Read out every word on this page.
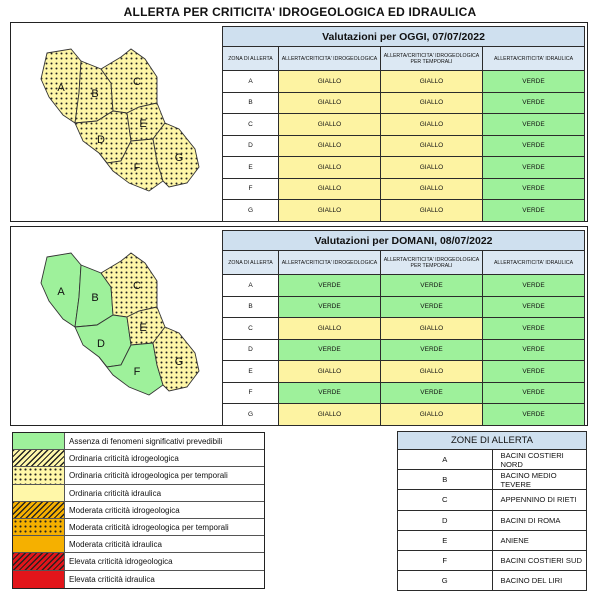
ALLERTA PER CRITICITA' IDROGEOLOGICA ED IDRAULICA
A B
C
D
E
F
G
Valutazioni per OGGI, 07/07/2022			
ZONA DI ALLERTA	ALLERTA/CRITICITA' IDROGEOLOGICA	ALLERTA/CRITICITA' IDROGEOLOGICA PER TEMPORALI	ALLERTA/CRITICITA' IDRAULICA
A	GIALLO	GIALLO	VERDE
B	GIALLO	GIALLO	VERDE
C	GIALLO	GIALLO	VERDE
D	GIALLO	GIALLO	VERDE
E	GIALLO	GIALLO	VERDE
F	GIALLO	GIALLO	VERDE
G	GIALLO	GIALLO	VERDE
A B
C
D
E
F
G
Valutazioni per DOMANI, 08/07/2022			
ZONA DI ALLERTA	ALLERTA/CRITICITA' IDROGEOLOGICA	ALLERTA/CRITICITA' IDROGEOLOGICA PER TEMPORALI	ALLERTA/CRITICITA' IDRAULICA
A	VERDE	VERDE	VERDE
B	VERDE	VERDE	VERDE
C	GIALLO	GIALLO	VERDE
D	VERDE	VERDE	VERDE
E	GIALLO	GIALLO	VERDE
F	VERDE	VERDE	VERDE
G	GIALLO	GIALLO	VERDE
Assenza di fenomeni significativi prevedibili
Ordinaria criticità idrogeologica
Ordinaria criticità idrogeologica per temporali
Ordinaria criticità idraulica
Moderata criticità idrogeologica
Moderata criticità idrogeologica per temporali
Moderata criticità idraulica
Elevata criticità idrogeologica
Elevata criticità idraulica
ZONE DI ALLERTA	
A	BACINI COSTIERI NORD
B	BACINO MEDIO TEVERE
C	APPENNINO DI RIETI
D	BACINI DI ROMA
E	ANIENE
F	BACINI COSTIERI SUD
G	BACINO DEL LIRI
